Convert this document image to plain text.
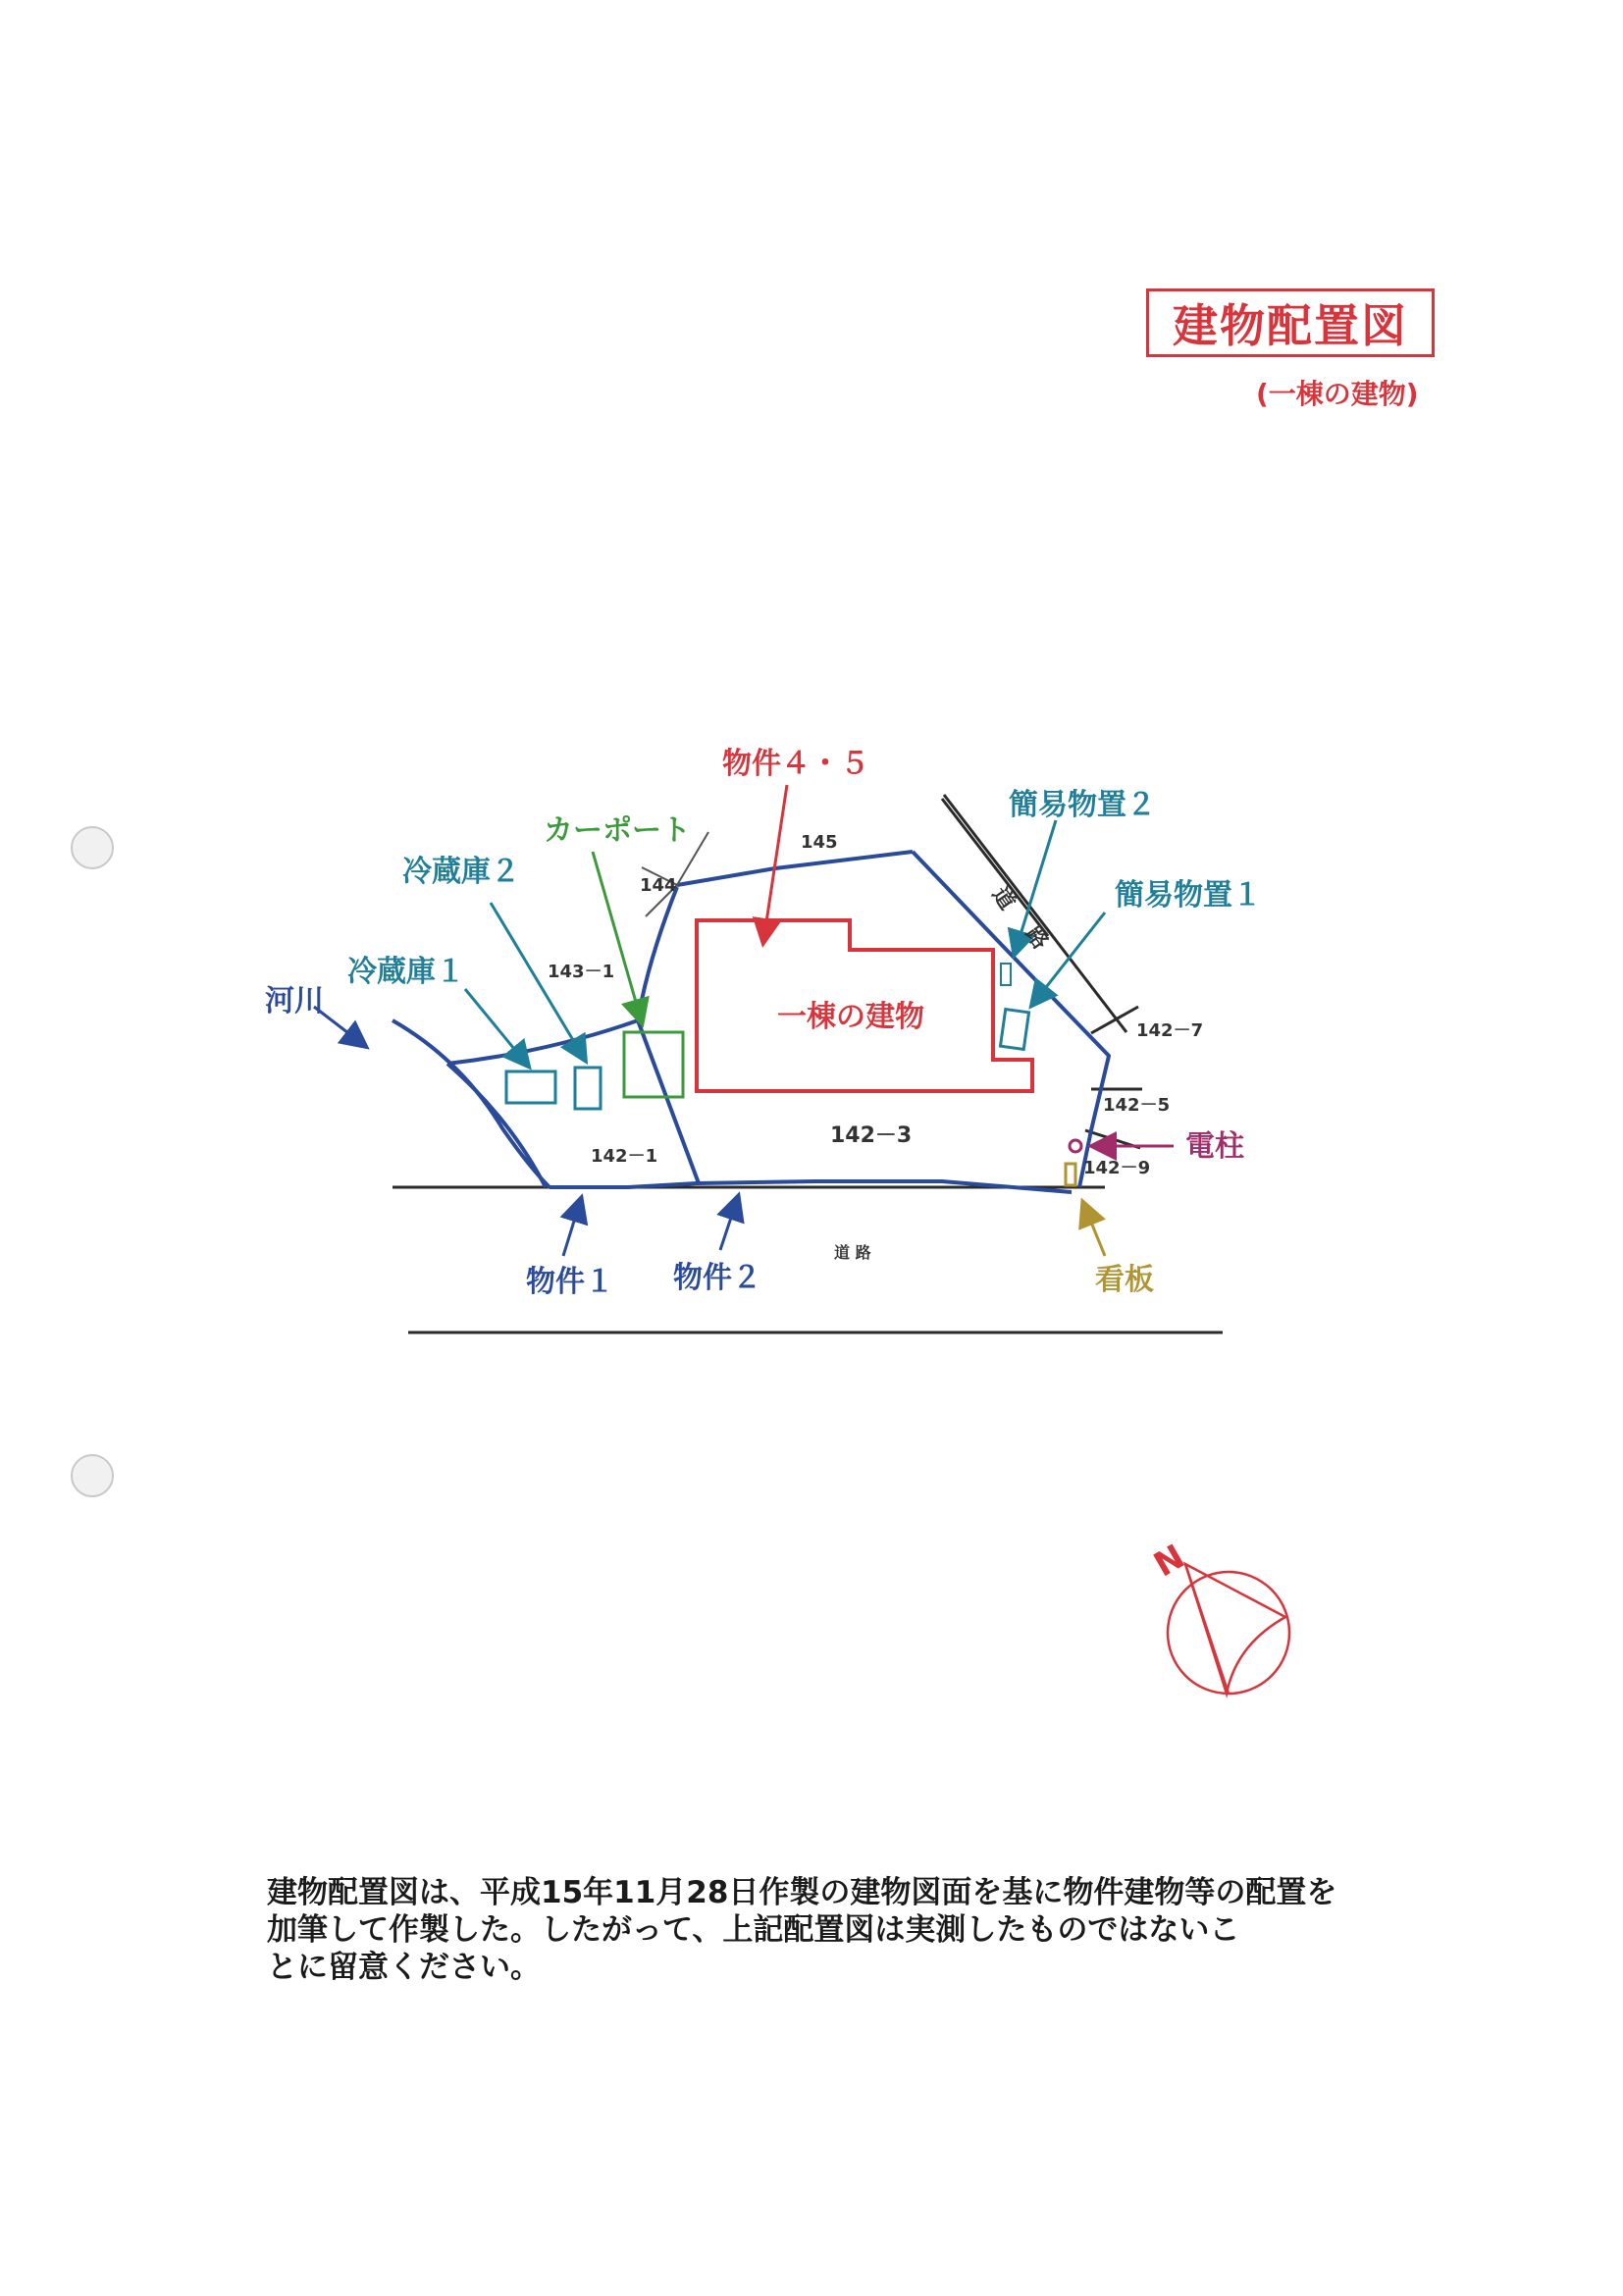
建物配置図
(一棟の建物)
物件４・５
カーポート	145
144
簡易物置２
簡易物置１
冷蔵庫２
冷蔵庫１
河川
143－1
一棟の建物	142－7
142－5
142－3
142－1	電柱
142－9
道
路
道 路
物件１ 物件２	看板
N
建物配置図は、平成15年11月28日作製の建物図面を基に物件建物等の配置を
加筆して作製した。したがって、上記配置図は実測したものではないこ
とに留意ください。
